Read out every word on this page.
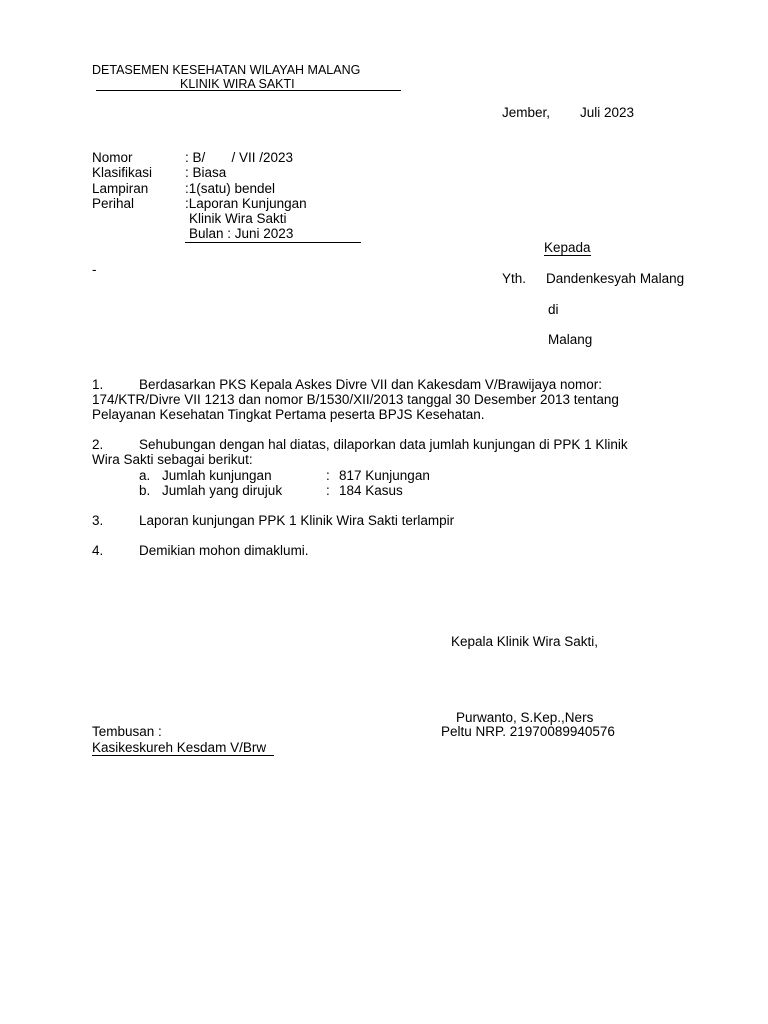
DETASEMEN KESEHATAN WILAYAH MALANG
KLINIK WIRA SAKTI
Jember, Juli 2023
Nomor	: B/       / VII /2023
Klasifikasi : Biasa
Lampiran	:1(satu) bendel
Perihal	:Laporan Kunjungan
Klinik Wira Sakti
Bulan : Juni 2023
-
Kepada
Yth. Dandenkesyah Malang
di
Malang
1.	Berdasarkan PKS Kepala Askes Divre VII dan Kakesdam V/Brawijaya nomor:
174/KTR/Divre VII 1213 dan nomor B/1530/XII/2013 tanggal 30 Desember 2013 tentang
Pelayanan Kesehatan Tingkat Pertama peserta BPJS Kesehatan.
2.	Sehubungan dengan hal diatas, dilaporkan data jumlah kunjungan di PPK 1 Klinik
Wira Sakti sebagai berikut:
a. Jumlah kunjungan	: 817 Kunjungan
b. Jumlah yang dirujuk	: 184 Kasus
3.	Laporan kunjungan PPK 1 Klinik Wira Sakti terlampir
4.	Demikian mohon dimaklumi.
Kepala Klinik Wira Sakti,
Purwanto, S.Kep.,Ners
Peltu NRP. 21970089940576
Tembusan :
Kasikeskureh Kesdam V/Brw
